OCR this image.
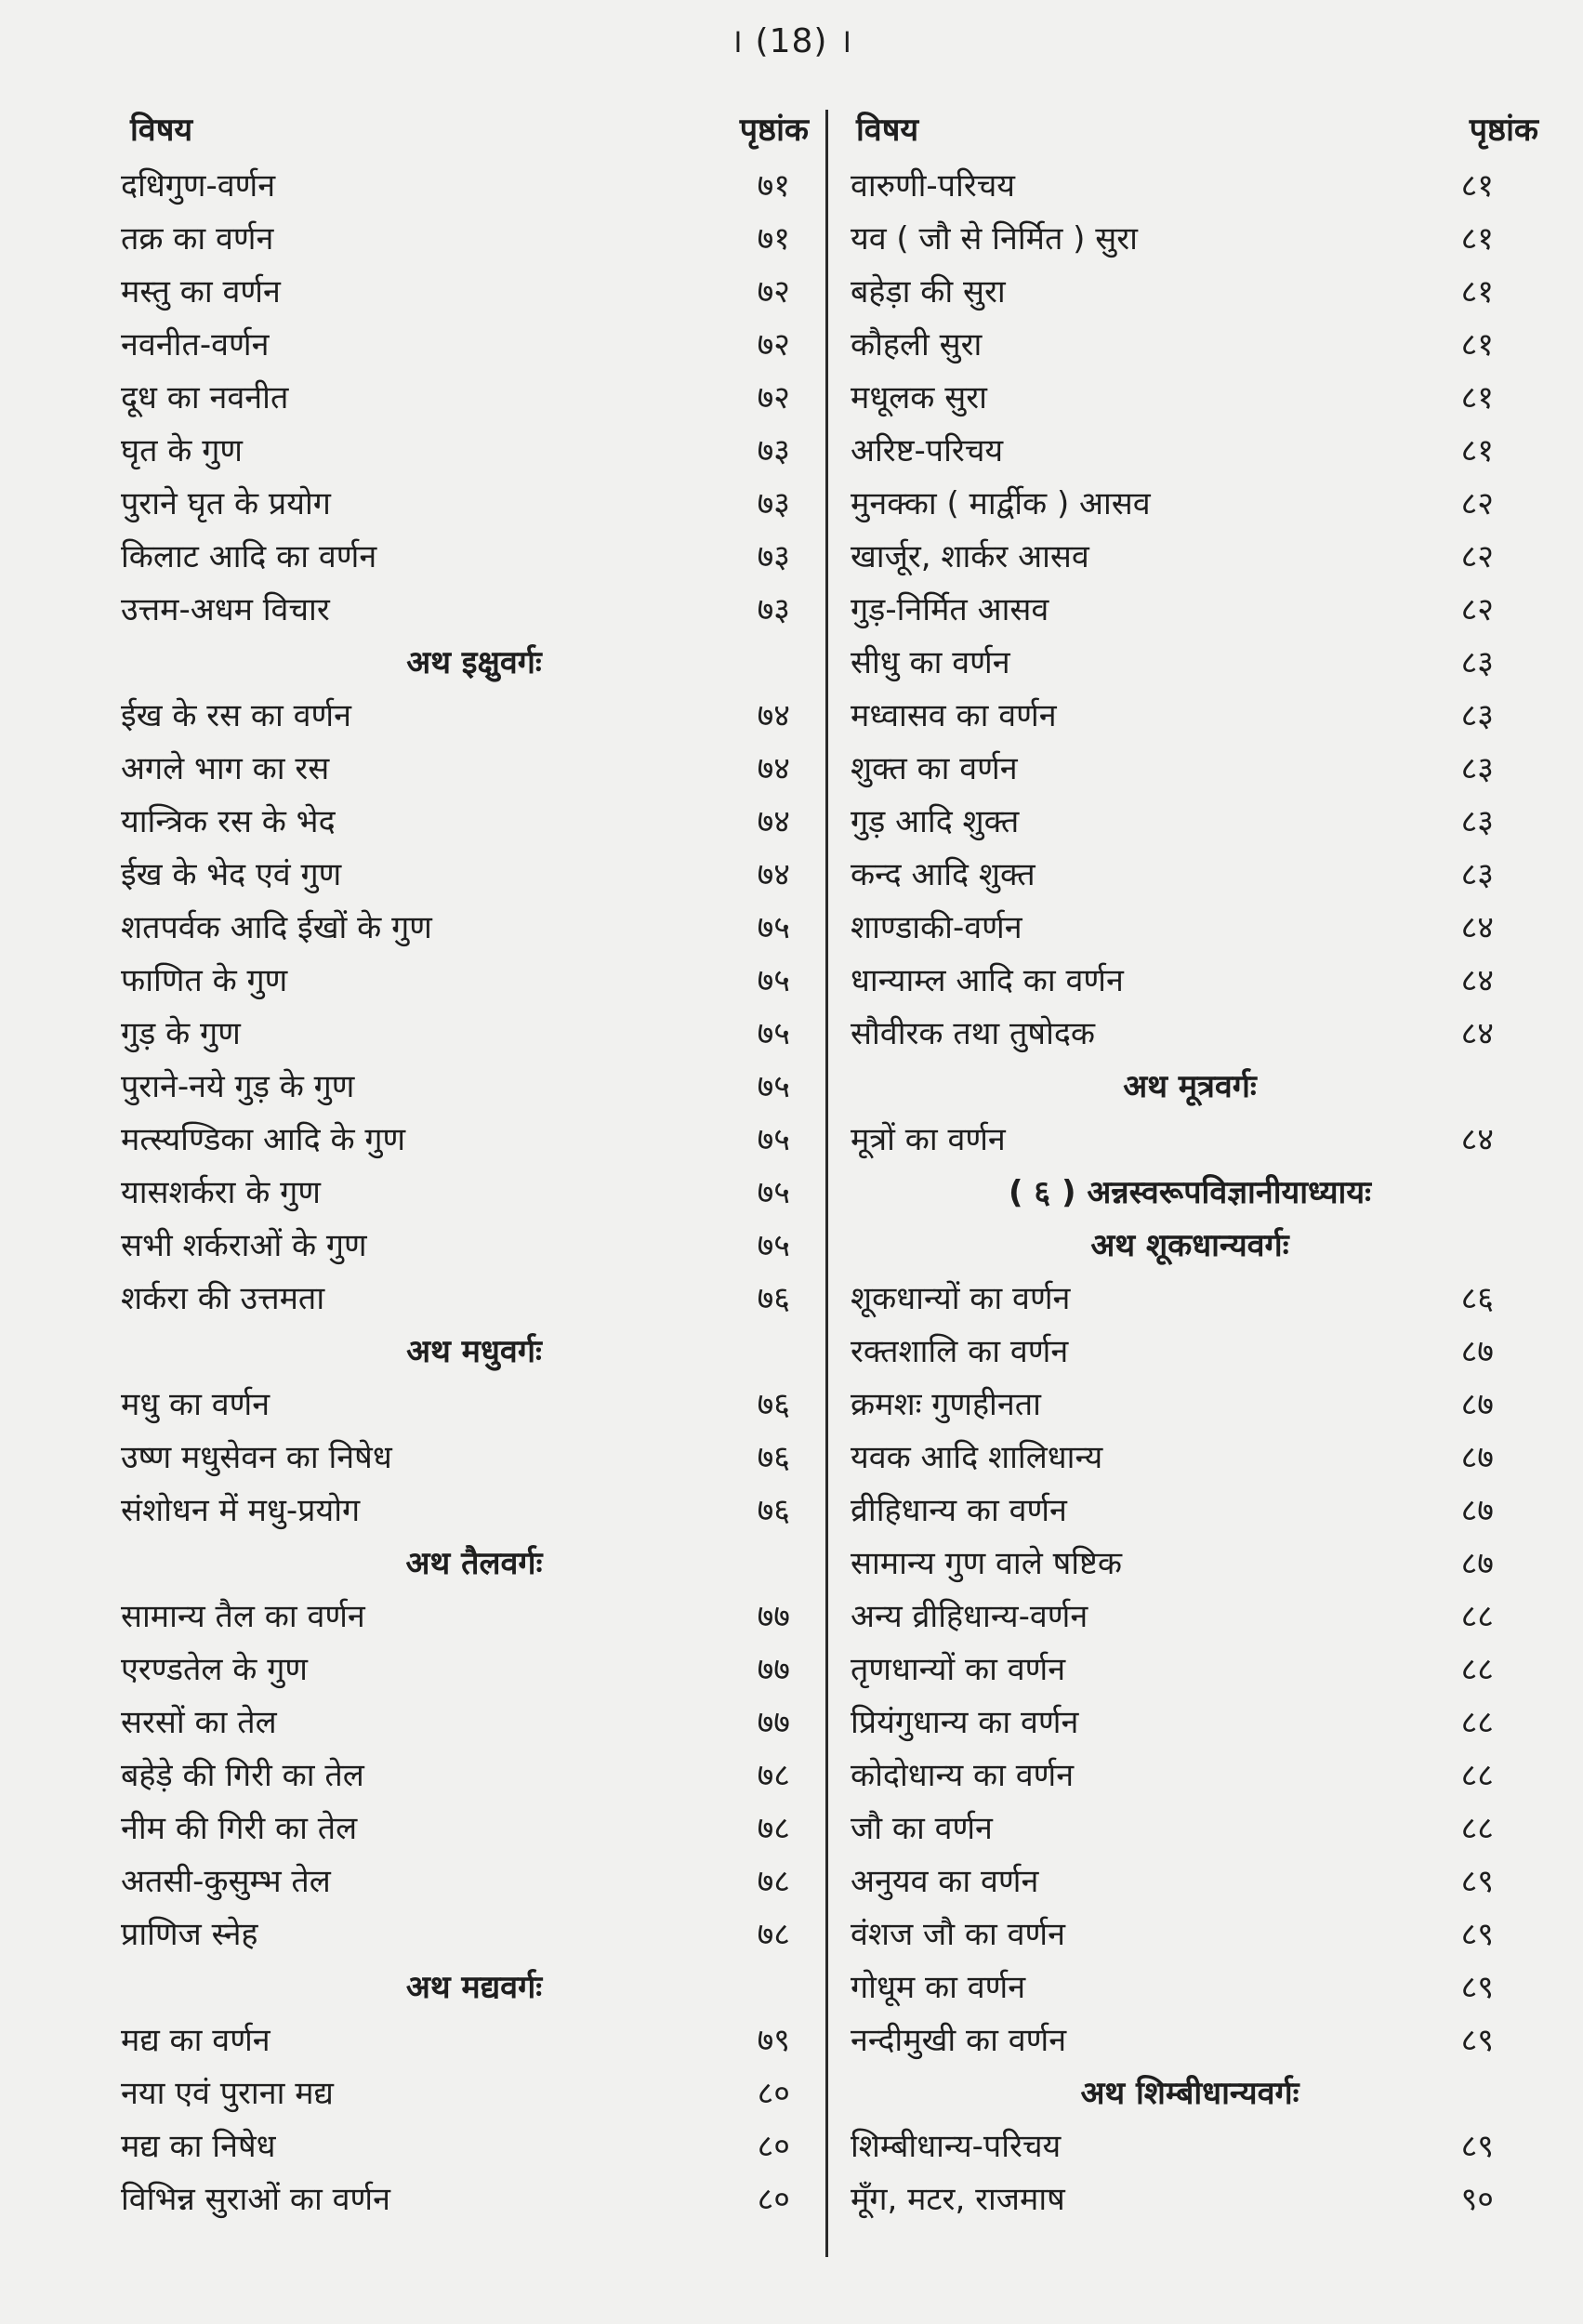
। (18) ।
विषय	पृष्ठांक
दधिगुण-वर्णन	७१
तक्र का वर्णन	७१
मस्तु का वर्णन	७२
नवनीत-वर्णन	७२
दूध का नवनीत	७२
घृत के गुण	७३
पुराने घृत के प्रयोग	७३
किलाट आदि का वर्णन	७३
उत्तम-अधम विचार	७३
अथ इक्षुवर्गः
ईख के रस का वर्णन	७४
अगले भाग का रस	७४
यान्त्रिक रस के भेद	७४
ईख के भेद एवं गुण	७४
शतपर्वक आदि ईखों के गुण	७५
फाणित के गुण	७५
गुड़ के गुण	७५
पुराने-नये गुड़ के गुण	७५
मत्स्यण्डिका आदि के गुण	७५
यासशर्करा के गुण	७५
सभी शर्कराओं के गुण	७५
शर्करा की उत्तमता	७६
अथ मधुवर्गः
मधु का वर्णन	७६
उष्ण मधुसेवन का निषेध	७६
संशोधन में मधु-प्रयोग	७६
अथ तैलवर्गः
सामान्य तैल का वर्णन	७७
एरण्डतेल के गुण	७७
सरसों का तेल	७७
बहेड़े की गिरी का तेल	७८
नीम की गिरी का तेल	७८
अतसी-कुसुम्भ तेल	७८
प्राणिज स्नेह	७८
अथ मद्यवर्गः
मद्य का वर्णन	७९
नया एवं पुराना मद्य	८०
मद्य का निषेध	८०
विभिन्न सुराओं का वर्णन	८०
विषय	पृष्ठांक
वारुणी-परिचय	८१
यव ( जौ से निर्मित ) सुरा	८१
बहेड़ा की सुरा	८१
कौहली सुरा	८१
मधूलक सुरा	८१
अरिष्ट-परिचय	८१
मुनक्का ( मार्द्वीक ) आसव	८२
खार्जूर, शार्कर आसव	८२
गुड़-निर्मित आसव	८२
सीधु का वर्णन	८३
मध्वासव का वर्णन	८३
शुक्त का वर्णन	८३
गुड़ आदि शुक्त	८३
कन्द आदि शुक्त	८३
शाण्डाकी-वर्णन	८४
धान्याम्ल आदि का वर्णन	८४
सौवीरक तथा तुषोदक	८४
अथ मूत्रवर्गः
मूत्रों का वर्णन	८४
( ६ ) अन्नस्वरूपविज्ञानीयाध्यायः
अथ शूकधान्यवर्गः
शूकधान्यों का वर्णन	८६
रक्तशालि का वर्णन	८७
क्रमशः गुणहीनता	८७
यवक आदि शालिधान्य	८७
व्रीहिधान्य का वर्णन	८७
सामान्य गुण वाले षष्टिक	८७
अन्य व्रीहिधान्य-वर्णन	८८
तृणधान्यों का वर्णन	८८
प्रियंगुधान्य का वर्णन	८८
कोदोधान्य का वर्णन	८८
जौ का वर्णन	८८
अनुयव का वर्णन	८९
वंशज जौ का वर्णन	८९
गोधूम का वर्णन	८९
नन्दीमुखी का वर्णन	८९
अथ शिम्बीधान्यवर्गः
शिम्बीधान्य-परिचय	८९
मूँग, मटर, राजमाष	९०
